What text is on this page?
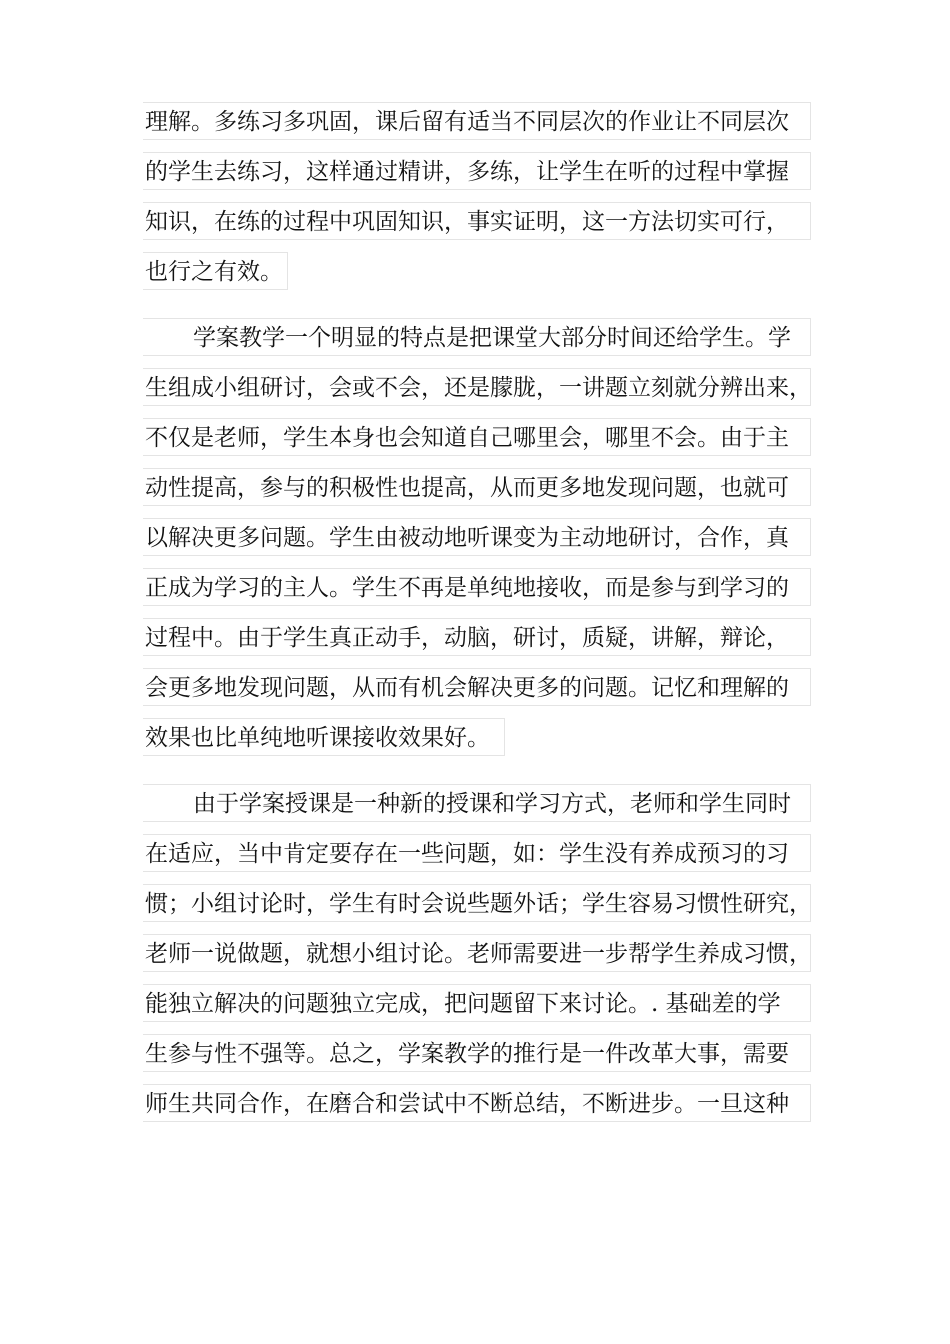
理解。多练习多巩固，课后留有适当不同层次的作业让不同层次
的学生去练习，这样通过精讲，多练，让学生在听的过程中掌握
知识，在练的过程中巩固知识，事实证明，这一方法切实可行，
也行之有效。
学案教学一个明显的特点是把课堂大部分时间还给学生。学
生组成小组研讨，会或不会，还是朦胧，一讲题立刻就分辨出来，
不仅是老师，学生本身也会知道自己哪里会，哪里不会。由于主
动性提高，参与的积极性也提高，从而更多地发现问题，也就可
以解决更多问题。学生由被动地听课变为主动地研讨，合作，真
正成为学习的主人。学生不再是单纯地接收，而是参与到学习的
过程中。由于学生真正动手，动脑，研讨，质疑，讲解，辩论，
会更多地发现问题，从而有机会解决更多的问题。记忆和理解的
效果也比单纯地听课接收效果好。
由于学案授课是一种新的授课和学习方式，老师和学生同时
在适应，当中肯定要存在一些问题，如：学生没有养成预习的习
惯；小组讨论时，学生有时会说些题外话；学生容易习惯性研究，
老师一说做题，就想小组讨论。老师需要进一步帮学生养成习惯，
能独立解决的问题独立完成，把问题留下来讨论。. 基础差的学
生参与性不强等。总之，学案教学的推行是一件改革大事，需要
师生共同合作，在磨合和尝试中不断总结，不断进步。一旦这种
